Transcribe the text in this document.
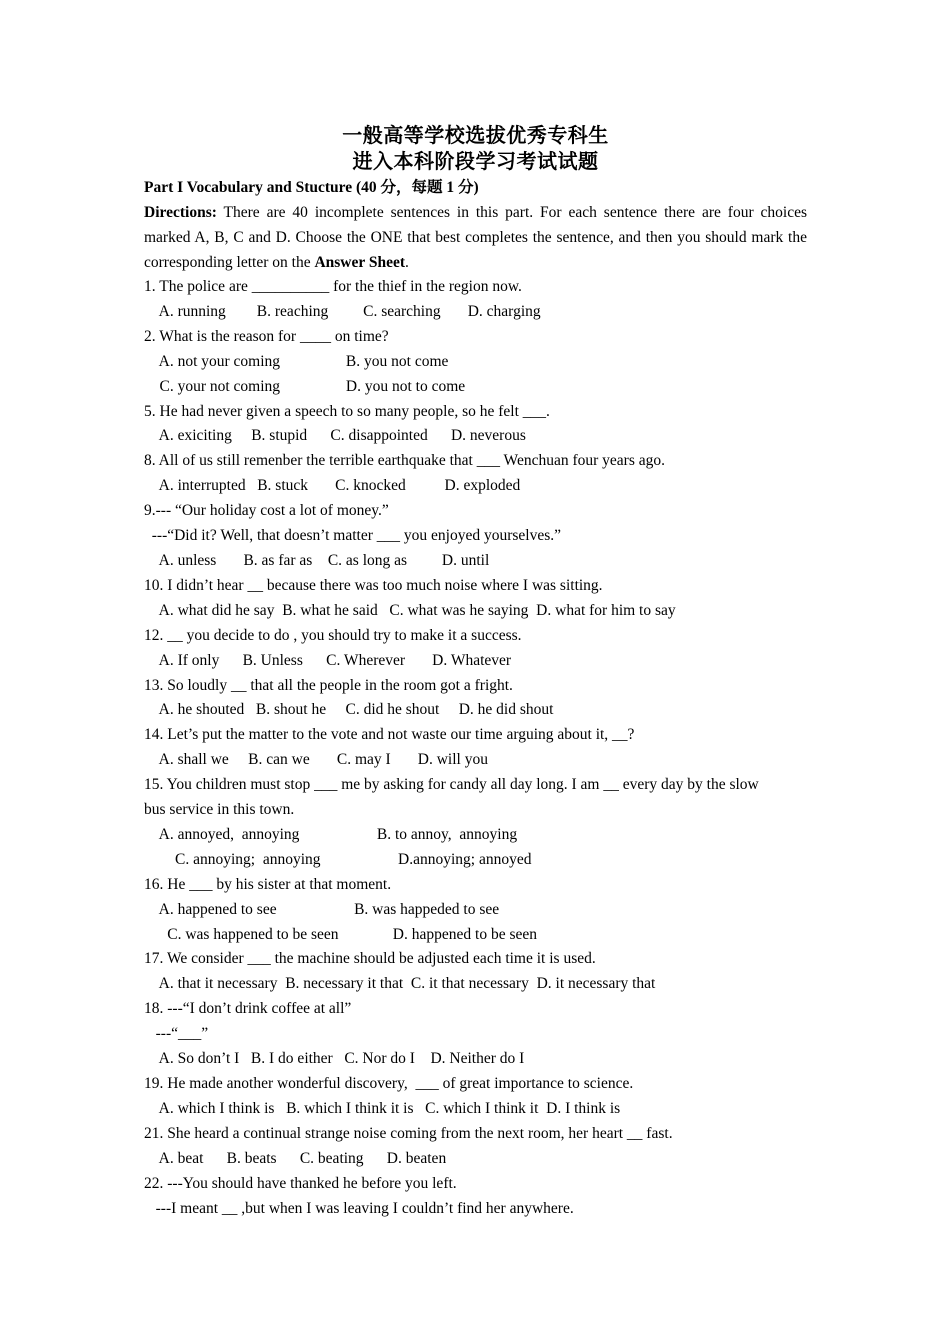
一般高等学校选拔优秀专科生
进入本科阶段学习考试试题
Part I Vocabulary and Stucture (40 分，每题 1 分)
Directions: There are 40 incomplete sentences in this part. For each sentence there are four choices marked A, B, C and D. Choose the ONE that best completes the sentence, and then you should mark the corresponding letter on the Answer Sheet.
1. The police are __________ for the thief in the region now.
A. running        B. reaching         C. searching       D. charging
2. What is the reason for ____ on time?
A. not your coming                 B. you not come
C. your not coming                 D. you not to come
5. He had never given a speech to so many people, so he felt ___.
A. exiciting     B. stupid      C. disappointed      D. neverous
8. All of us still remenber the terrible earthquake that ___ Wenchuan four years ago.
A. interrupted   B. stuck       C. knocked          D. exploded
9.--- “Our holiday cost a lot of money.”
---“Did it? Well, that doesn’t matter ___ you enjoyed yourselves.”
A. unless       B. as far as    C. as long as         D. until
10. I didn’t hear __ because there was too much noise where I was sitting.
A. what did he say  B. what he said   C. what was he saying  D. what for him to say
12. __ you decide to do , you should try to make it a success.
A. If only      B. Unless      C. Wherever       D. Whatever
13. So loudly __ that all the people in the room got a fright.
A. he shouted   B. shout he     C. did he shout     D. he did shout
14. Let’s put the matter to the vote and not waste our time arguing about it, __?
A. shall we     B. can we       C. may I       D. will you
15. You children must stop ___ me by asking for candy all day long. I am __ every day by the slow
bus service in this town.
A. annoyed,  annoying                    B. to annoy,  annoying
C. annoying;  annoying                    D.annoying; annoyed
16. He ___ by his sister at that moment.
A. happened to see                    B. was happeded to see
C. was happened to be seen              D. happened to be seen
17. We consider ___ the machine should be adjusted each time it is used.
A. that it necessary  B. necessary it that  C. it that necessary  D. it necessary that
18. ---“I don’t drink coffee at all”
---“___”
A. So don’t I   B. I do either   C. Nor do I    D. Neither do I
19. He made another wonderful discovery,  ___ of great importance to science.
A. which I think is   B. which I think it is   C. which I think it  D. I think is
21. She heard a continual strange noise coming from the next room, her heart __ fast.
A. beat      B. beats      C. beating      D. beaten
22. ---You should have thanked he before you left.
---I meant __ ,but when I was leaving I couldn’t find her anywhere.
